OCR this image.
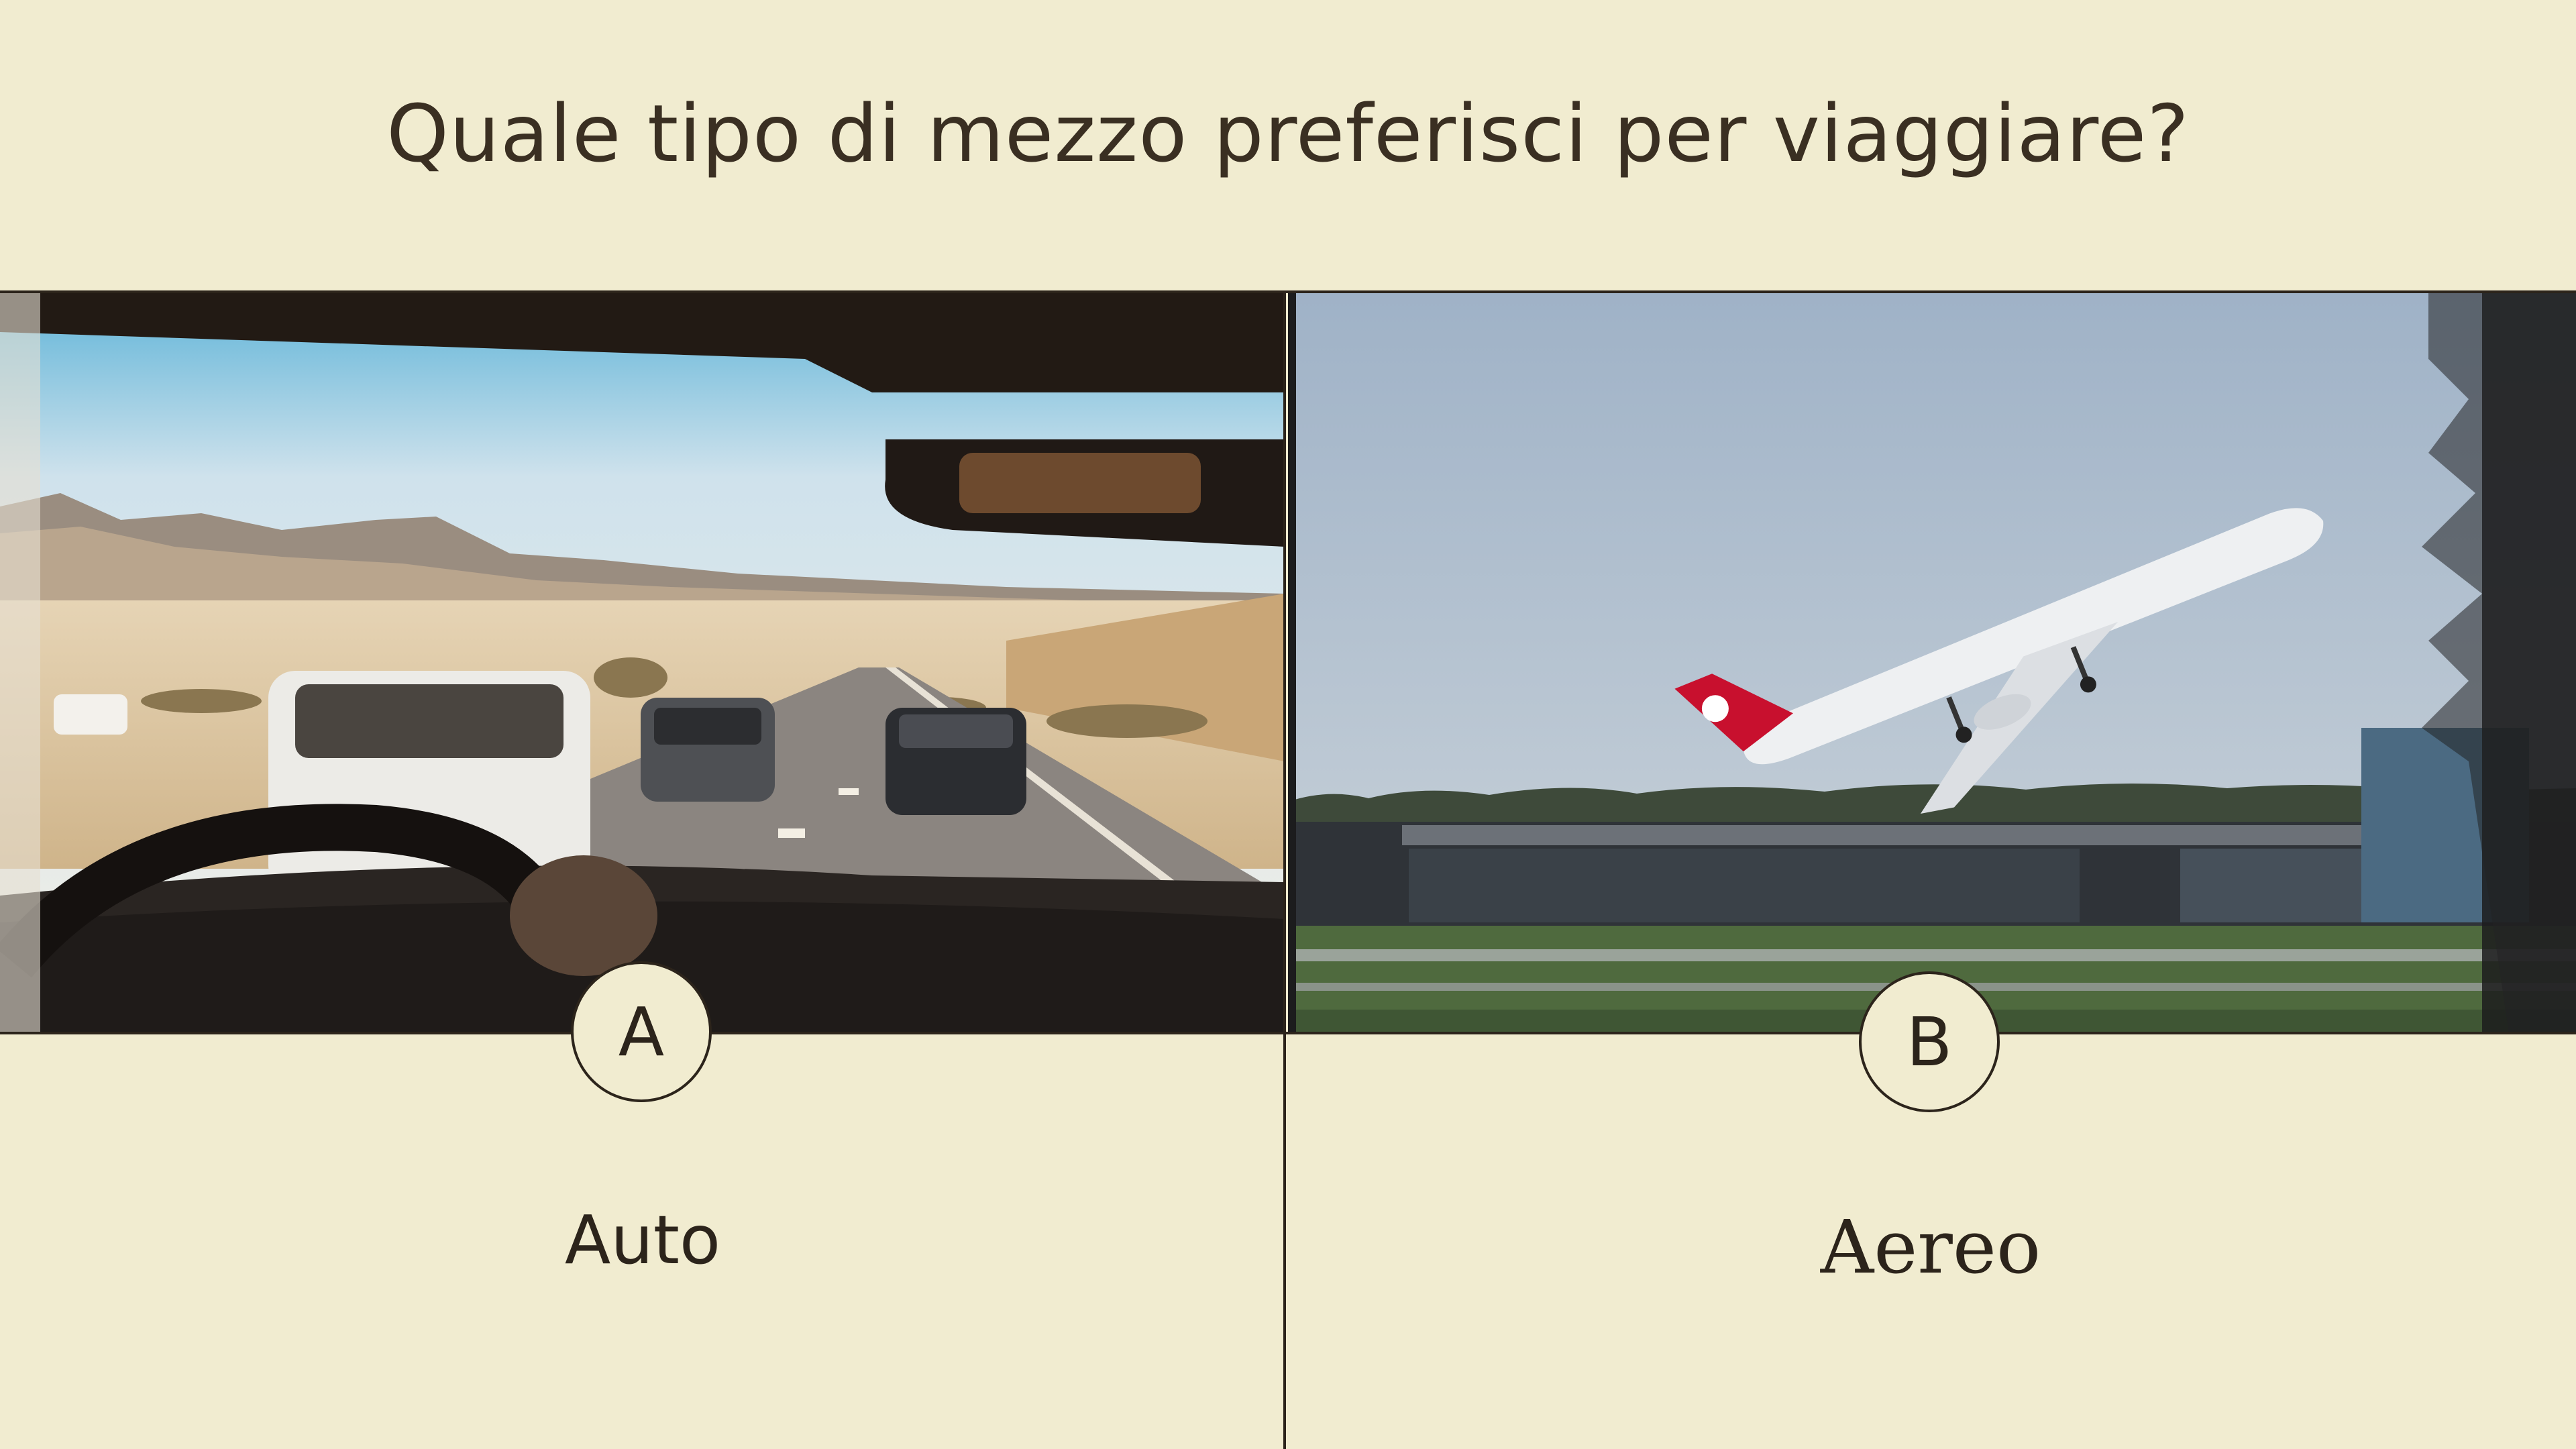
Quale tipo di mezzo preferisci per viaggiare?
A	B
Auto	Aereo
